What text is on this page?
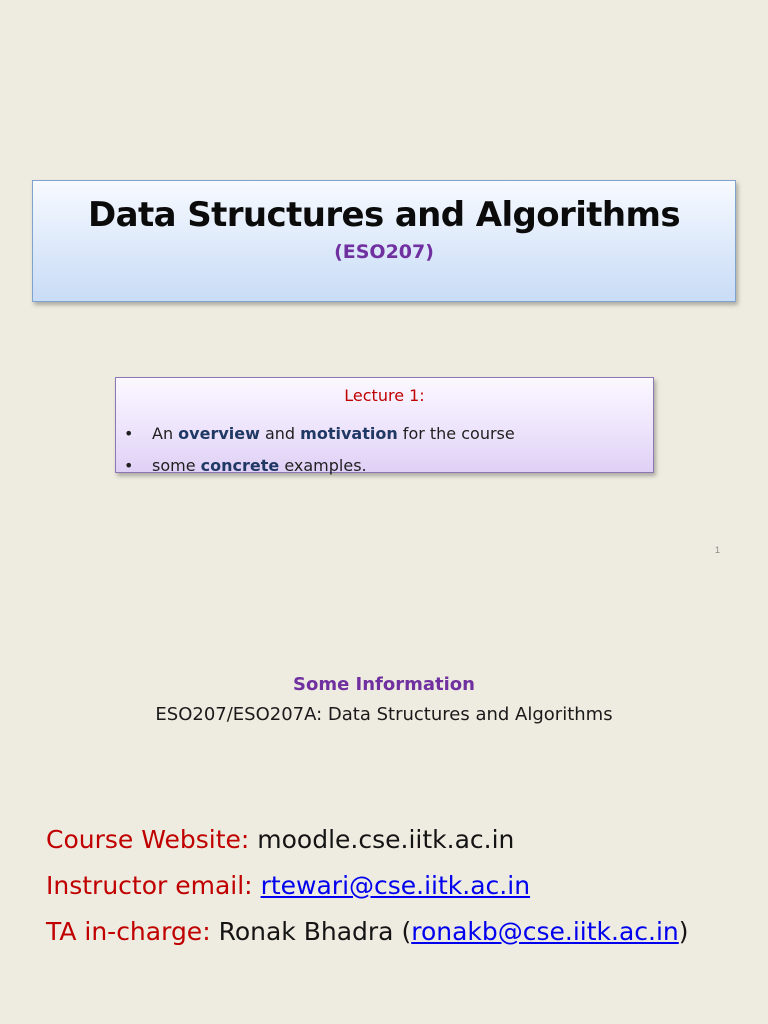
Data Structures and Algorithms
(ESO207)
Lecture 1:
• An overview and motivation for the course
• some concrete examples.
1
Some Information
ESO207/ESO207A: Data Structures and Algorithms
Course Website: moodle.cse.iitk.ac.in
Instructor email: rtewari@cse.iitk.ac.in
TA in-charge: Ronak Bhadra (ronakb@cse.iitk.ac.in)
